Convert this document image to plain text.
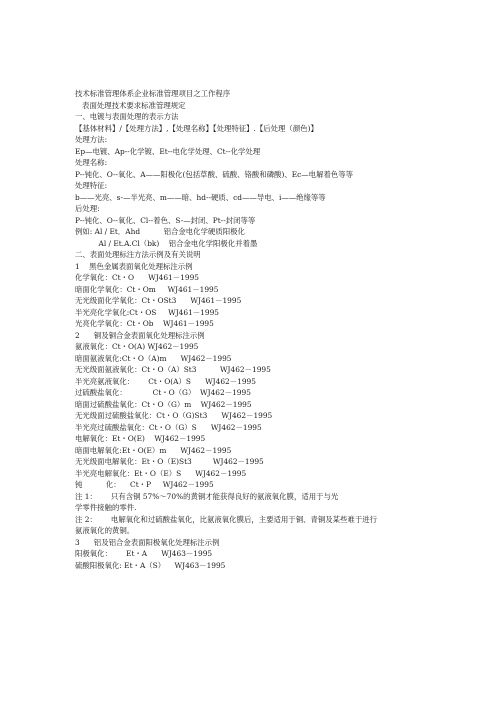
技术标准管理体系企业标准管理项目之工作程序
表面处理技术要求标准管理规定
一、电镀与表面处理的表示方法
【基体材料】/【处理方法】,【处理名称】【处理特征】.【后处理（颜色)】
处理方法:
Ep—电镀、Ap--化学镀、Et--电化学处理、Ct--化学处理
处理名称:
P--钝化、O--氧化、A——阳极化(包括草酸、硫酸、铬酸和磷酸)、Ec—电解着色等等
处理特征:
b——光亮、s-—半光亮、m——暗、hd--硬质、cd——导电、i——绝缘等等
后处理:
P--钝化、O--氧化、Cl--着色、S-—封闭、Pt--封闭等等
例如: Al / Et．Ahd          铝合金电化学硬质阳极化
Al / Et.A.Cl（bk)    铝合金电化学阳极化并着墨
二、表面处理标注方法示例及有关说明
1    黑色金属表面氧化处理标注示例
化学氧化：Ct・O      WJ461－1995
暗面化学氧化：Ct・Om     WJ461－1995
无光级面化学氧化：Ct・OSt3      WJ461－1995
半光亮化学氧化:Ct・OS     WJ461－1995
光亮化学氧化：Ct・Ob    WJ461－1995
2      铜及铜合金表面氧化处理标注示例
氨液氧化：Ct・O(A) WJ462－1995
暗面氨液氧化:Ct・O（A)m      WJ462－1995
无光级面氨液氧化：Ct・O（A）St3          WJ462－1995
半光亮氨液氧化：      Ct・O(A）S      WJ462－1995
过硫酸盐氧化：           Ct・O（G）  WJ462－1995
暗面过硫酸盐氧化：Ct・O（G）m    WJ462－1995
无光级面过硫酸盐氧化：Ct・O（G)St3      WJ462－1995
半光亮过硫酸盐氧化：Ct・O（G）S      WJ462－1995
电解氧化：Et・O(E)    WJ462－1995
暗面电解氧化:Et・O(E）m      WJ462－1995
无光级面电解氧化：Et・O（E)St3         WJ462－1995
半光亮电解氧化：Et・O（E）S      WJ462－1995
钝          化：    Ct・P     WJ462－1995
注 1：      只有含铜 57%～70%的黄铜才能获得良好的氨液氧化膜，适用于与光
学零件接触的零件.
注 2：      电解氧化和过硫酸盐氧化，比氨液氧化膜后，主要适用于铜、青铜及某些难于进行
氨液氧化的黄铜。
3      铝及铝合金表面阳极氧化处理标注示例
阳极氧化：      Et・A      WJ463－1995
硫酸阳极氧化: Et・A（S）    WJ463－1995
